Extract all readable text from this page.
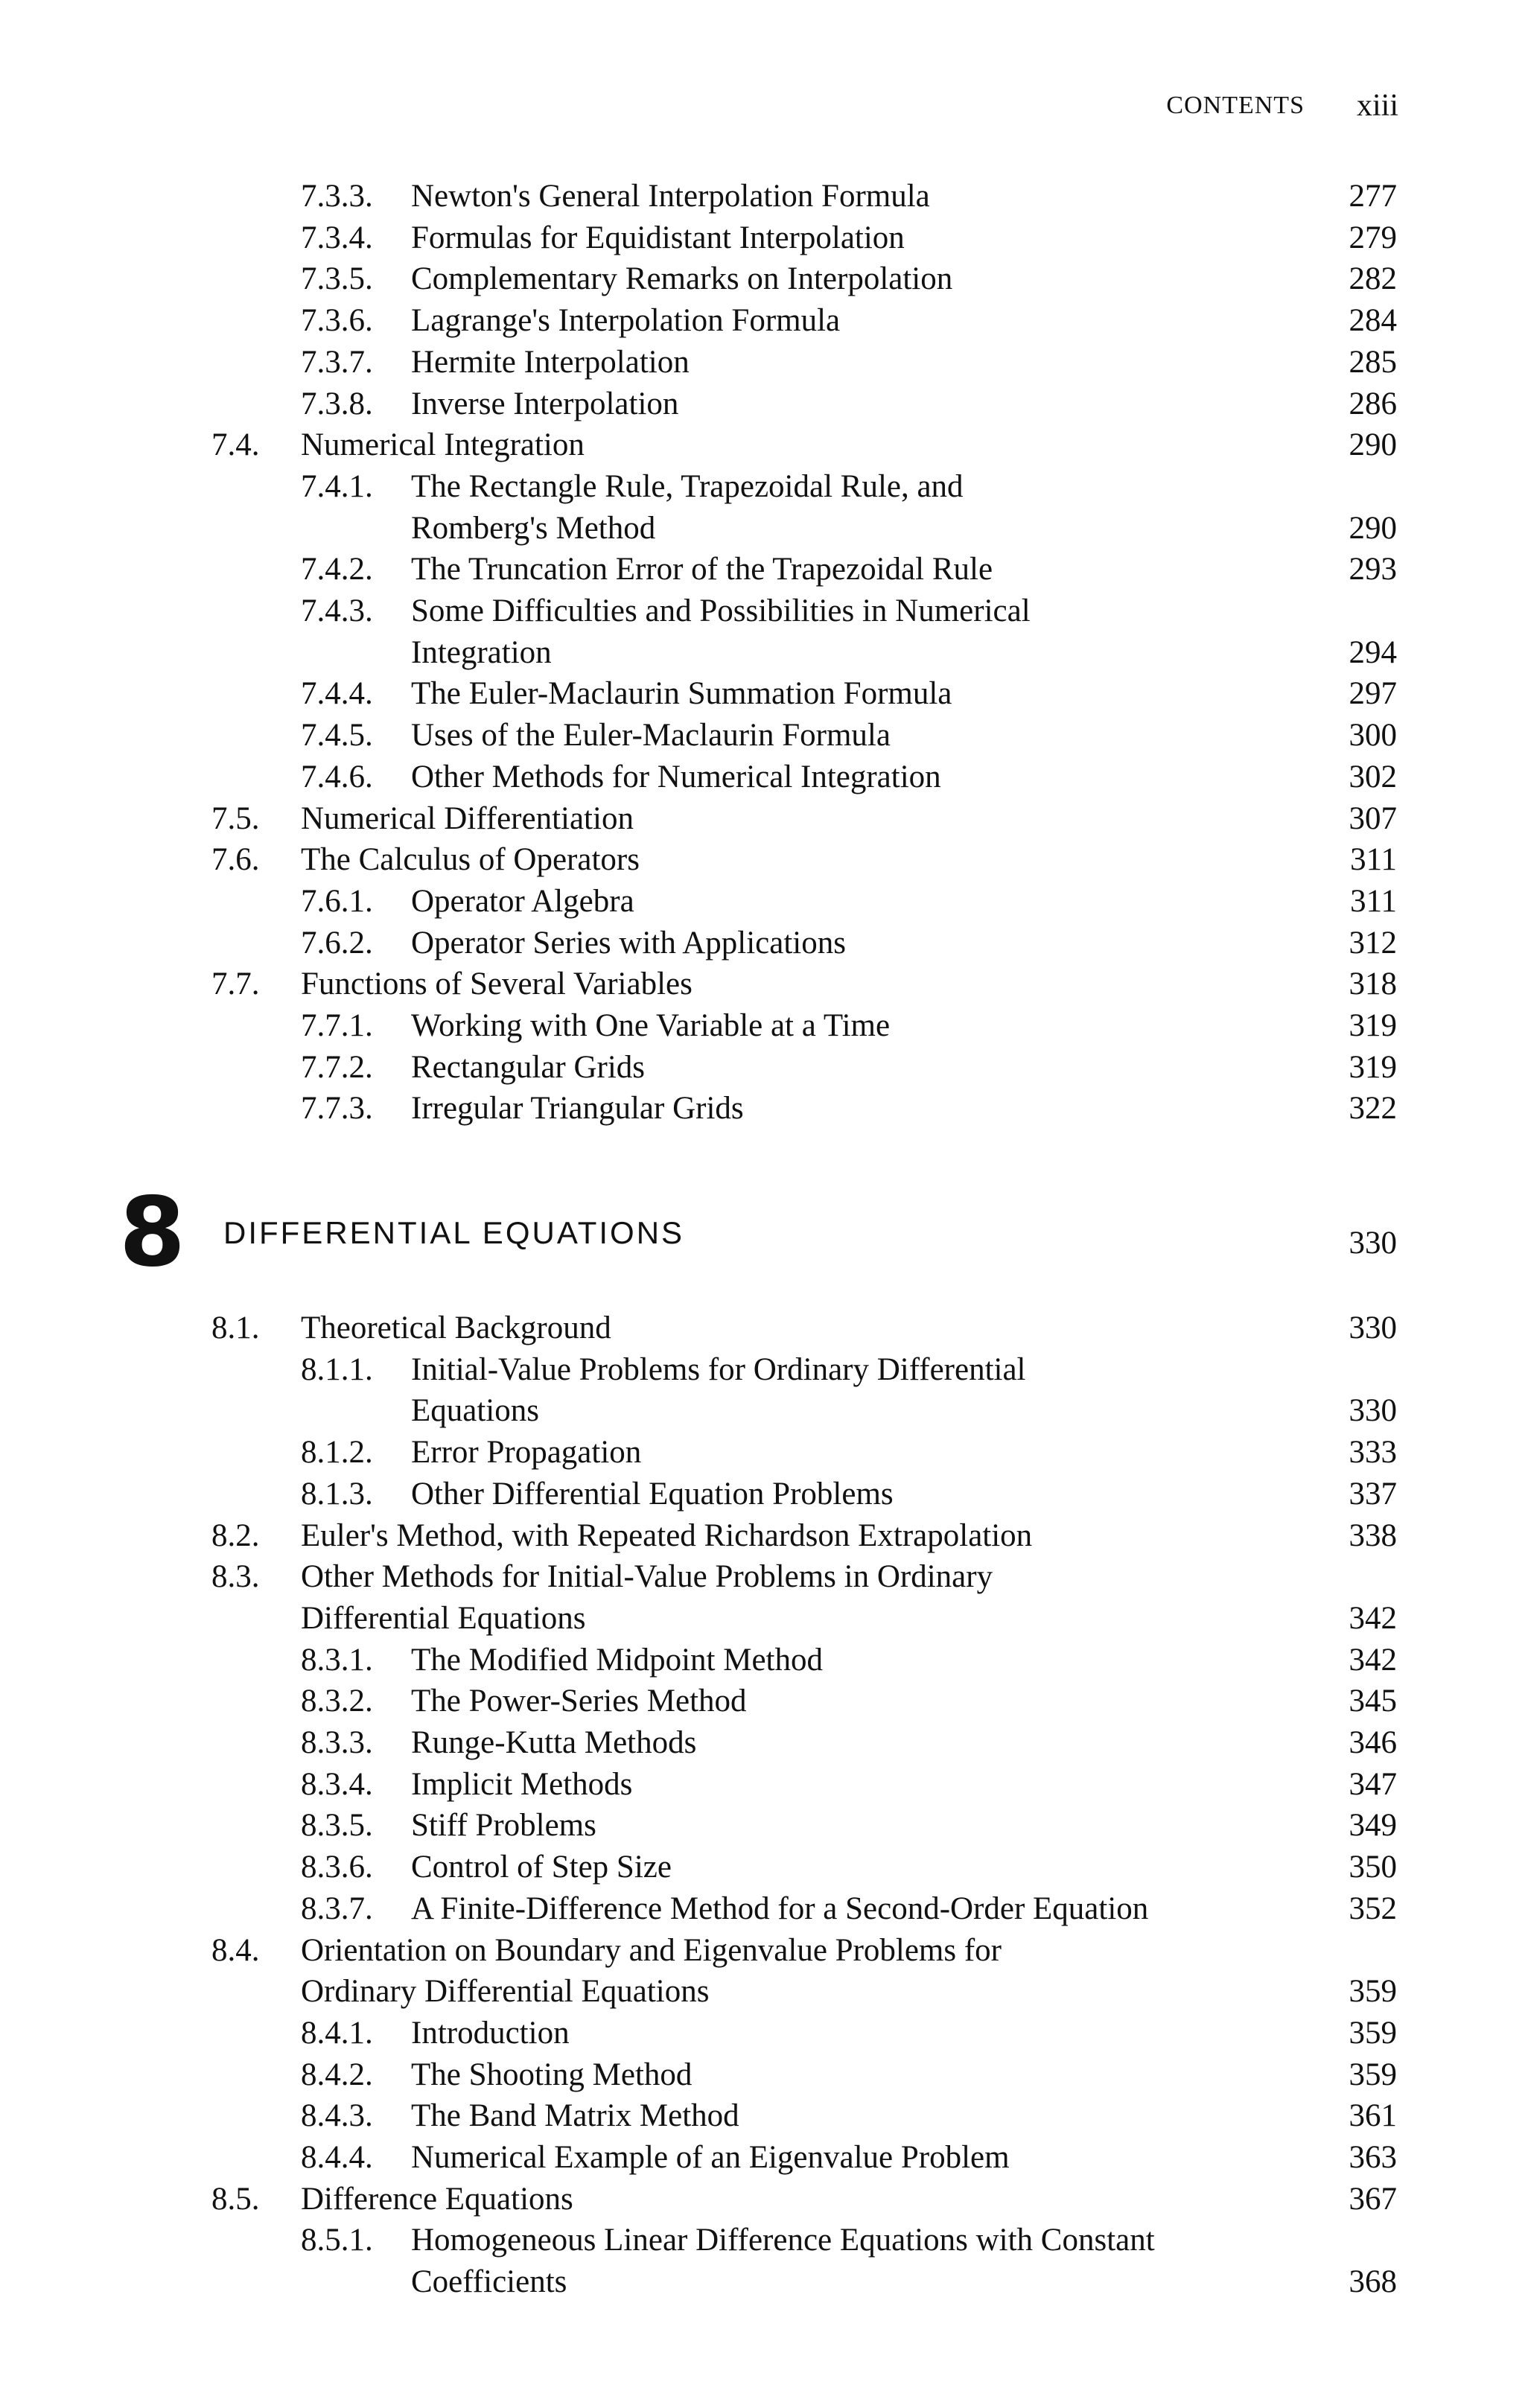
CONTENTS xiii
7.3.3. Newton's General Interpolation Formula	277
7.3.4. Formulas for Equidistant Interpolation	279
7.3.5. Complementary Remarks on Interpolation	282
7.3.6. Lagrange's Interpolation Formula	284
7.3.7. Hermite Interpolation	285
7.3.8. Inverse Interpolation	286
7.4. Numerical Integration	290
7.4.1. The Rectangle Rule, Trapezoidal Rule, and
Romberg's Method	290
7.4.2. The Truncation Error of the Trapezoidal Rule	293
7.4.3. Some Difficulties and Possibilities in Numerical
Integration	294
7.4.4. The Euler-Maclaurin Summation Formula	297
7.4.5. Uses of the Euler-Maclaurin Formula	300
7.4.6. Other Methods for Numerical Integration	302
7.5. Numerical Differentiation	307
7.6. The Calculus of Operators	311
7.6.1. Operator Algebra	311
7.6.2. Operator Series with Applications	312
7.7. Functions of Several Variables	318
7.7.1. Working with One Variable at a Time	319
7.7.2. Rectangular Grids	319
7.7.3. Irregular Triangular Grids	322
8 DIFFERENTIAL EQUATIONS	330
8.1. Theoretical Background	330
8.1.1. Initial-Value Problems for Ordinary Differential
Equations	330
8.1.2. Error Propagation	333
8.1.3. Other Differential Equation Problems	337
8.2. Euler's Method, with Repeated Richardson Extrapolation	338
8.3. Other Methods for Initial-Value Problems in Ordinary
Differential Equations	342
8.3.1. The Modified Midpoint Method	342
8.3.2. The Power-Series Method	345
8.3.3. Runge-Kutta Methods	346
8.3.4. Implicit Methods	347
8.3.5. Stiff Problems	349
8.3.6. Control of Step Size	350
8.3.7. A Finite-Difference Method for a Second-Order Equation	352
8.4. Orientation on Boundary and Eigenvalue Problems for
Ordinary Differential Equations	359
8.4.1. Introduction	359
8.4.2. The Shooting Method	359
8.4.3. The Band Matrix Method	361
8.4.4. Numerical Example of an Eigenvalue Problem	363
8.5. Difference Equations	367
8.5.1. Homogeneous Linear Difference Equations with Constant
Coefficients	368
